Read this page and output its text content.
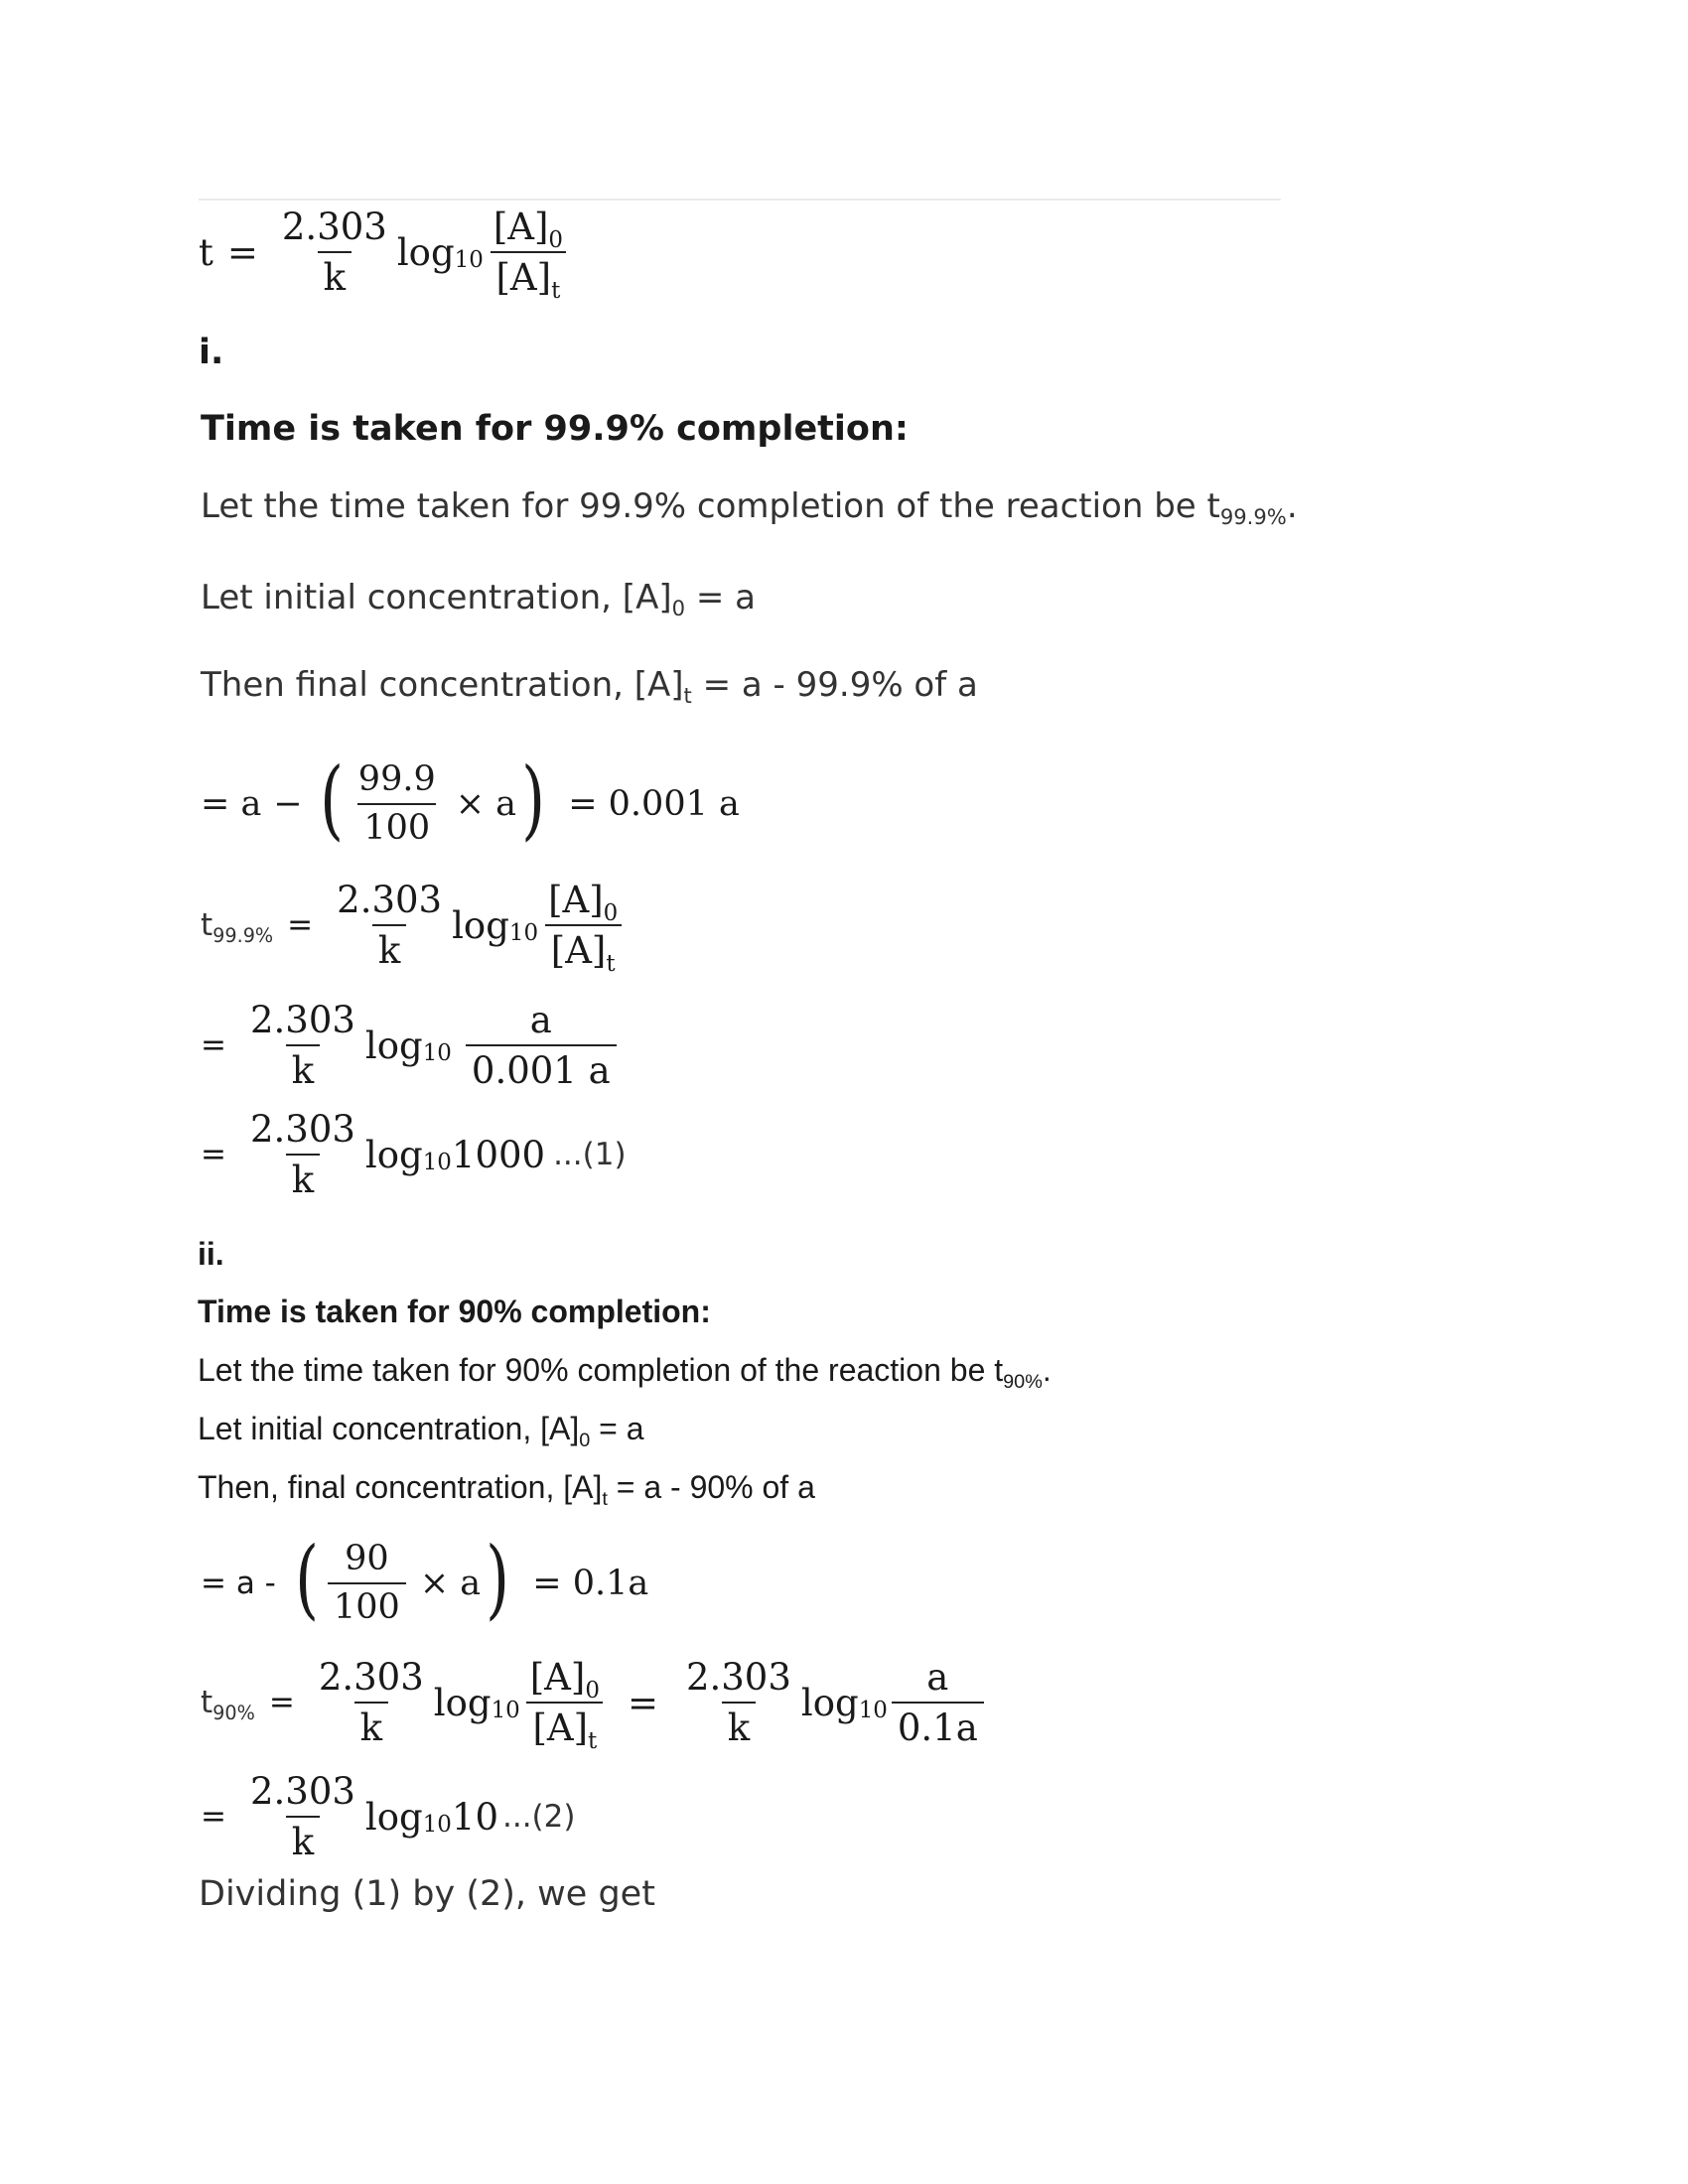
$t = \frac{2.303}{k}$ $\log 10 \frac{[A]_0}{[A]_t}$
i.
Time is taken for 99.9% completion:
Let the time taken for 99.9% completion of the reaction be $t_{99.9\%}$.
Let initial concentration, $[A]_0 = a$
Then final concentration, $[A]_t = a - 99.9\%$ of a
= a − ( $\frac{99.9}{100} \times a$ ) = 0.001 a
$t_{99.9\%} = \frac{2.303}{k}$ $\log 10 \frac{[A]_0}{[A]_t}$
= $\frac{2.303}{k}$ $\log 10 \frac{a}{0.001 a}$
= $\frac{2.303}{k}$ log 10 1000 ...(1)
ii.
Time is taken for 90% completion:
Let the time taken for 90% completion of the reaction be $t_{90\%}$.
Let initial concentration, $[A]_0 = a$
Then, final concentration, $[A]_t = a - 90\%$ of a
= a - ( $\frac{90}{100} \times a$ ) = 0.1a
$t_{90\%} = \frac{2.303}{k}$ $\log 10 \frac{[A]_0}{[A]_t} = \frac{2.303}{k}$ $\log 10 \frac{a}{0.1a}$
= $\frac{2.303}{k}$ log 10 10 ...(2)
Dividing (1) by (2), we get
